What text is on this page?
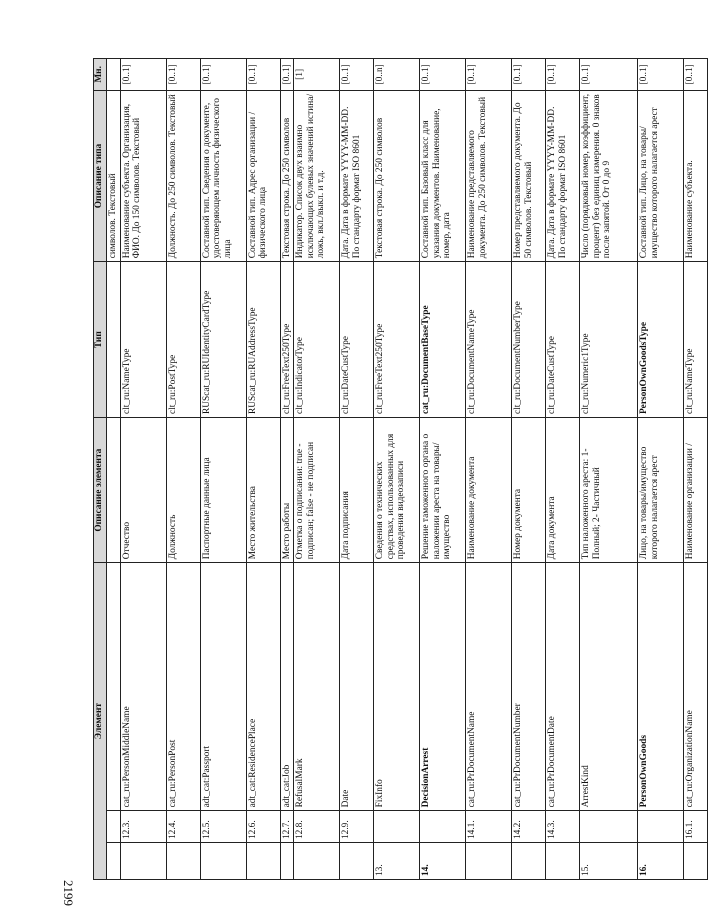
2199
Элемент			Описание элемента	Тип	Описание типа	Мн.
					символов. Текстовый	
	12.3.	cat_ru:PersonMiddleName	Отчество	clt_ru:NameType	Наименование субъекта. Организация, ФИО. До 150 символов. Текстовый	[0..1]
	12.4.	cat_ru:PersonPost	Должность	clt_ru:PostType	Должность. До 250 символов. Текстовый	[0..1]
	12.5.	adt_cat:Passport	Паспортные данные лица	RUScat_ru:RUIdentityCardType	Составной тип. Сведения о документе, удостоверяющем личность физического лица	[0..1]
	12.6.	adt_cat:ResidencePlace	Место жительства	RUScat_ru:RUAddressType	Составной тип. Адрес организации / физического лица	[0..1]
	12.7.	adt_cat:Job	Место работы	clt_ru:FreeText250Type	Текстовая строка. До 250 символов	[0..1]
	12.8.	RefusalMark	Отметка о подписании: true - подписан; false - не подписан	clt_ru:IndicatorType	Индикатор. Список двух взаимно исключающих булевых значений истина/ложь, вкл./выкл. и т.д.	[1]
	12.9.	Date	Дата подписания	clt_ru:DateCustType	Дата. Дата в формате YYYY-MM-DD. По стандарту формат ISO 8601	[0..1]
13.		FixInfo	Сведения о технических средствах, использованных для проведения видеозаписи	clt_ru:FreeText250Type	Текстовая строка. До 250 символов	[0..n]
14.		DecisionArrest	Решение таможенного органа о наложении ареста на товары/имущество	cat_ru:DocumentBaseType	Составной тип. Базовый класс для указания документов. Наименование, номер, дата	[0..1]
	14.1.	cat_ru:PrDocumentName	Наименование документа	clt_ru:DocumentNameType	Наименование представляемого документа. До 250 символов. Текстовый	[0..1]
	14.2.	cat_ru:PrDocumentNumber	Номер документа	clt_ru:DocumentNumberType	Номер представляемого документа. До 50 символов. Текстовый	[0..1]
	14.3.	cat_ru:PrDocumentDate	Дата документа	clt_ru:DateCustType	Дата. Дата в формате YYYY-MM-DD. По стандарту формат ISO 8601	[0..1]
15.		ArrestKind	Тип наложенного ареста: 1- Полный; 2- Частичный	clt_ru:Numeric1Type	Число (порядковый номер, коэффициент, процент) без единиц измерения. 0 знаков после запятой. От 0 до 9	[0..1]
16.		PersonOwnGoods	Лицо, на товары/имущество которого налагается арест	PersonOwnGoodsType	Составной тип. Лицо, на товары/имущество которого налагается арест	[0..1]
	16.1.	cat_ru:OrganizationName	Наименование организации /	clt_ru:NameType	Наименование субъекта.	[0..1]
